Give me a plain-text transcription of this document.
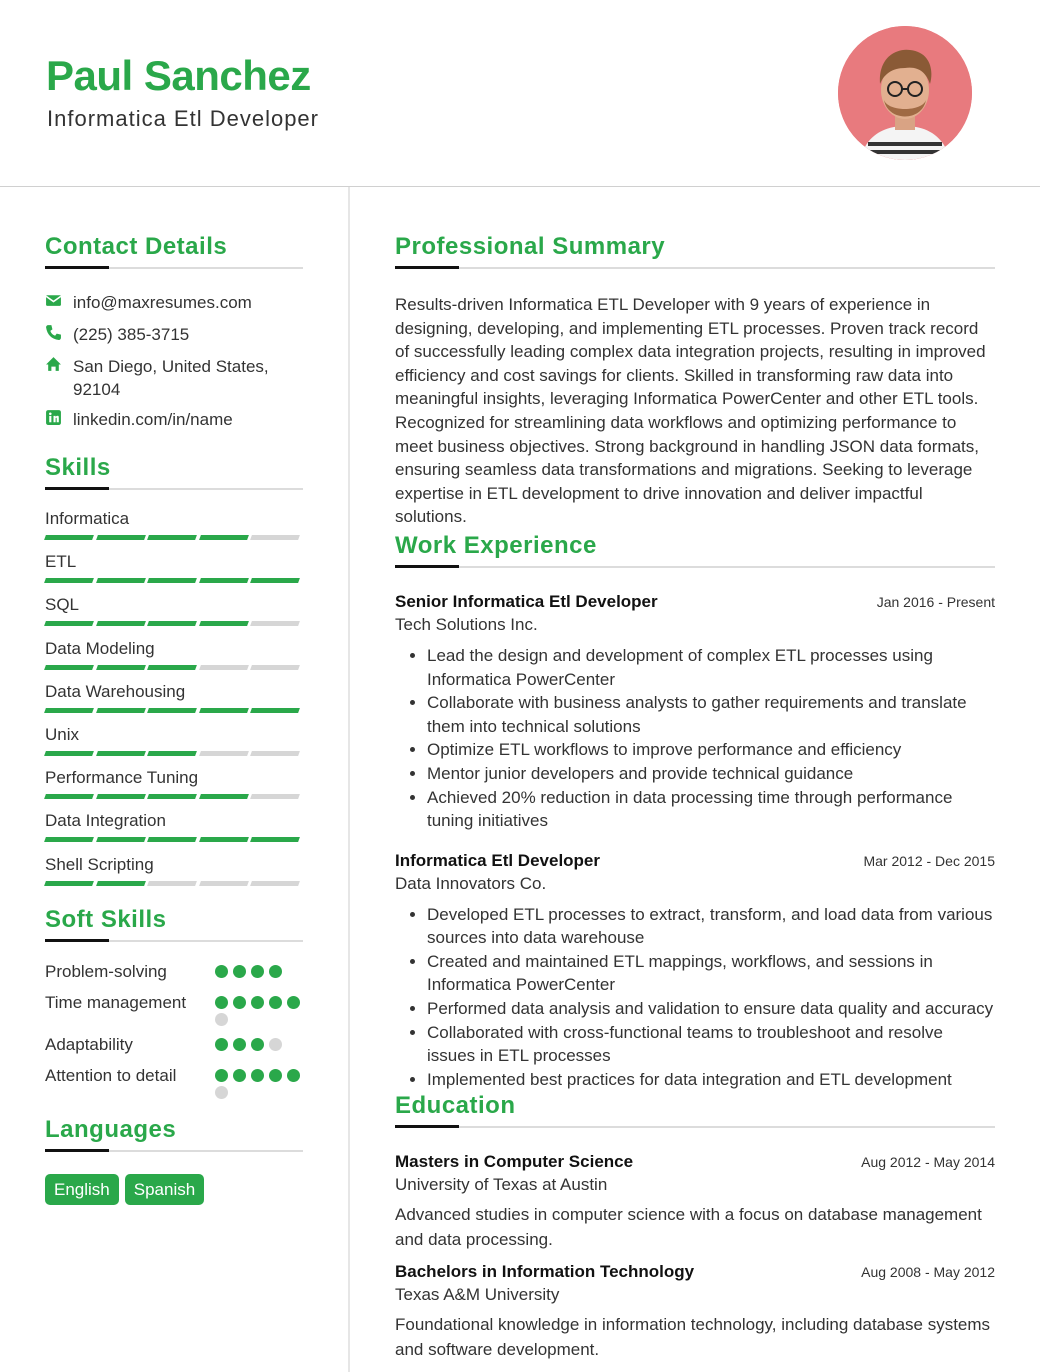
Paul Sanchez
Informatica Etl Developer
Contact Details
info@maxresumes.com
(225) 385-3715
San Diego, United States, 92104
linkedin.com/in/name
Skills
Informatica
ETL
SQL
Data Modeling
Data Warehousing
Unix
Performance Tuning
Data Integration
Shell Scripting
Soft Skills
Problem-solving
Time management
Adaptability
Attention to detail
Languages
English	Spanish
Professional Summary

Results-driven Informatica ETL Developer with 9 years of experience in designing, developing, and implementing ETL processes. Proven track record of successfully leading complex data integration projects, resulting in improved efficiency and cost savings for clients. Skilled in transforming raw data into meaningful insights, leveraging Informatica PowerCenter and other ETL tools. Recognized for streamlining data workflows and optimizing performance to meet business objectives. Strong background in handling JSON data formats, ensuring seamless data transformations and migrations. Seeking to leverage expertise in ETL development to drive innovation and deliver impactful solutions.

Work Experience
Senior Informatica Etl Developer	Jan 2016 - Present
Tech Solutions Inc.
• Lead the design and development of complex ETL processes using Informatica PowerCenter
• Collaborate with business analysts to gather requirements and translate them into technical solutions
• Optimize ETL workflows to improve performance and efficiency
• Mentor junior developers and provide technical guidance
• Achieved 20% reduction in data processing time through performance tuning initiatives
Informatica Etl Developer	Mar 2012 - Dec 2015
Data Innovators Co.
• Developed ETL processes to extract, transform, and load data from various sources into data warehouse
• Created and maintained ETL mappings, workflows, and sessions in Informatica PowerCenter
• Performed data analysis and validation to ensure data quality and accuracy
• Collaborated with cross-functional teams to troubleshoot and resolve issues in ETL processes
• Implemented best practices for data integration and ETL development
Education
Masters in Computer Science	Aug 2012 - May 2014
University of Texas at Austin
Advanced studies in computer science with a focus on database management and data processing.
Bachelors in Information Technology	Aug 2008 - May 2012
Texas A&M University
Foundational knowledge in information technology, including database systems and software development.
